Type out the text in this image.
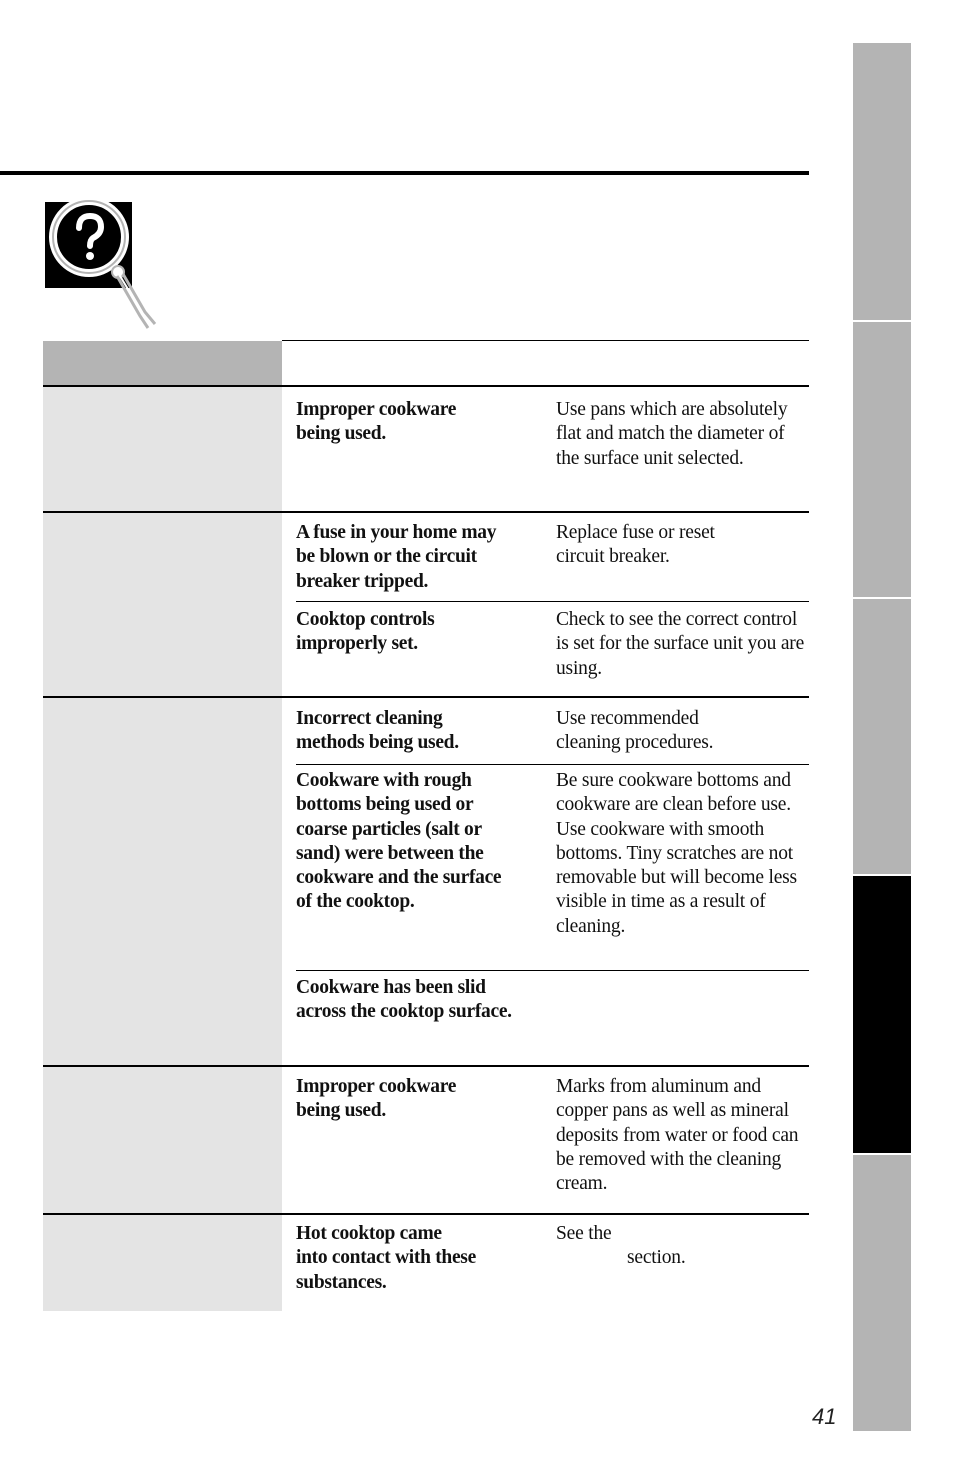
Improper cookware being used.
Use pans which are absolutely flat and match the diameter of the surface unit selected.
A fuse in your home may be blown or the circuit breaker tripped.
Replace fuse or reset circuit breaker.
Cooktop controls improperly set.
Check to see the correct control is set for the surface unit you are using.
Incorrect cleaning methods being used.
Use recommended cleaning procedures.
Cookware with rough bottoms being used or coarse particles (salt or sand) were between the cookware and the surface of the cooktop.
Be sure cookware bottoms and cookware are clean before use. Use cookware with smooth bottoms. Tiny scratches are not removable but will become less visible in time as a result of cleaning.
Cookware has been slid across the cooktop surface.
Improper cookware being used.
Marks from aluminum and copper pans as well as mineral deposits from water or food can be removed with the cleaning cream.
Hot cooktop came into contact with these substances.
See the
section.
41
